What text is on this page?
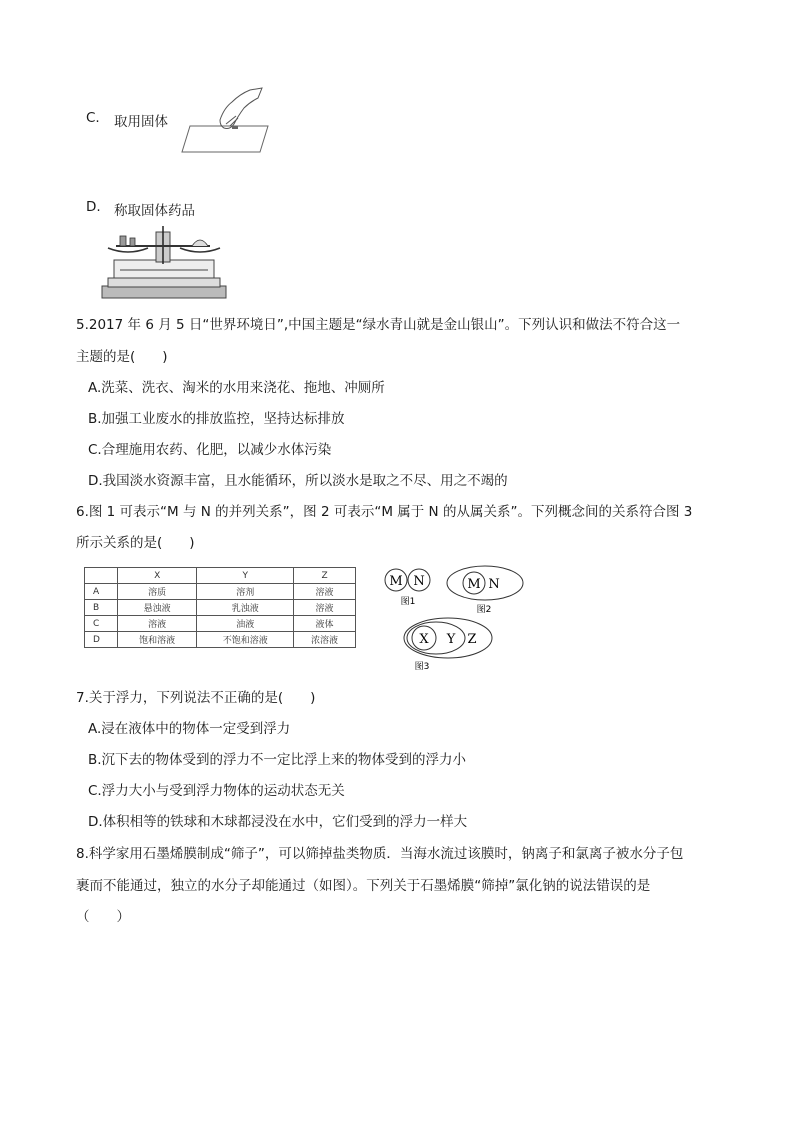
C. 取用固体
D. 称取固体药品
5.2017 年 6 月 5 日“世界环境日”,中国主题是“绿水青山就是金山银山”。下列认识和做法不符合这一
主题的是(　　)
A.洗菜、洗衣、淘米的水用来浇花、拖地、冲厕所
B.加强工业废水的排放监控，坚持达标排放
C.合理施用农药、化肥，以减少水体污染
D.我国淡水资源丰富，且水能循环，所以淡水是取之不尽、用之不竭的
6.图 1 可表示“M 与 N 的并列关系”，图 2 可表示“M 属于 N 的从属关系”。下列概念间的关系符合图 3
所示关系的是(　　)
	X	Y	Z
A	溶质	溶剂	溶液
B	悬浊液	乳浊液	溶液
C	溶液	油液	液体
D	饱和溶液	不饱和溶液	浓溶液
M N
图1
M N
图2
X Y Z
图3
7.关于浮力，下列说法不正确的是(　　)
A.浸在液体中的物体一定受到浮力
B.沉下去的物体受到的浮力不一定比浮上来的物体受到的浮力小
C.浮力大小与受到浮力物体的运动状态无关
D.体积相等的铁球和木球都浸没在水中，它们受到的浮力一样大
8.科学家用石墨烯膜制成“筛子”，可以筛掉盐类物质．当海水流过该膜时，钠离子和氯离子被水分子包
裹而不能通过，独立的水分子却能通过（如图）。下列关于石墨烯膜“筛掉”氯化钠的说法错误的是
（　　）
